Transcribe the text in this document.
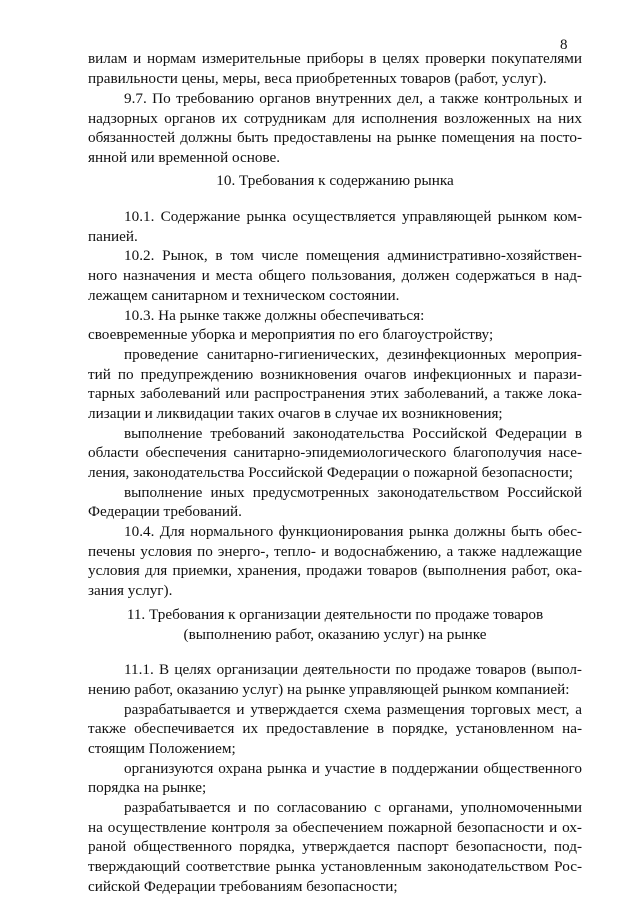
8
вилам и нормам измерительные приборы в целях проверки покупателями
правильности цены, меры, веса приобретенных товаров (работ, услуг).
9.7. По требованию органов внутренних дел, а также контрольных и
надзорных органов их сотрудникам для исполнения возложенных на них
обязанностей должны быть предоставлены на рынке помещения на посто-
янной или временной основе.
10. Требования к содержанию рынка
10.1. Содержание рынка осуществляется управляющей рынком ком-
панией.
10.2. Рынок, в том числе помещения административно-хозяйствен-
ного назначения и места общего пользования, должен содержаться в над-
лежащем санитарном и техническом состоянии.
10.3. На рынке также должны обеспечиваться:
своевременные уборка и мероприятия по его благоустройству;
проведение санитарно-гигиенических, дезинфекционных мероприя-
тий по предупреждению возникновения очагов инфекционных и парази-
тарных заболеваний или распространения этих заболеваний, а также лока-
лизации и ликвидации таких очагов в случае их возникновения;
выполнение требований законодательства Российской Федерации в
области обеспечения санитарно-эпидемиологического благополучия насе-
ления, законодательства Российской Федерации о пожарной безопасности;
выполнение иных предусмотренных законодательством Российской
Федерации требований.
10.4. Для нормального функционирования рынка должны быть обес-
печены условия по энерго-, тепло- и водоснабжению, а также надлежащие
условия для приемки, хранения, продажи товаров (выполнения работ, ока-
зания услуг).
11. Требования к организации деятельности по продаже товаров
(выполнению работ, оказанию услуг) на рынке
11.1. В целях организации деятельности по продаже товаров (выпол-
нению работ, оказанию услуг) на рынке управляющей рынком компанией:
разрабатывается и утверждается схема размещения торговых мест, а
также обеспечивается их предоставление в порядке, установленном на-
стоящим Положением;
организуются охрана рынка и участие в поддержании общественного
порядка на рынке;
разрабатывается и по согласованию с органами, уполномоченными
на осуществление контроля за обеспечением пожарной безопасности и ох-
раной общественного порядка, утверждается паспорт безопасности, под-
тверждающий соответствие рынка установленным законодательством Рос-
сийской Федерации требованиям безопасности;
